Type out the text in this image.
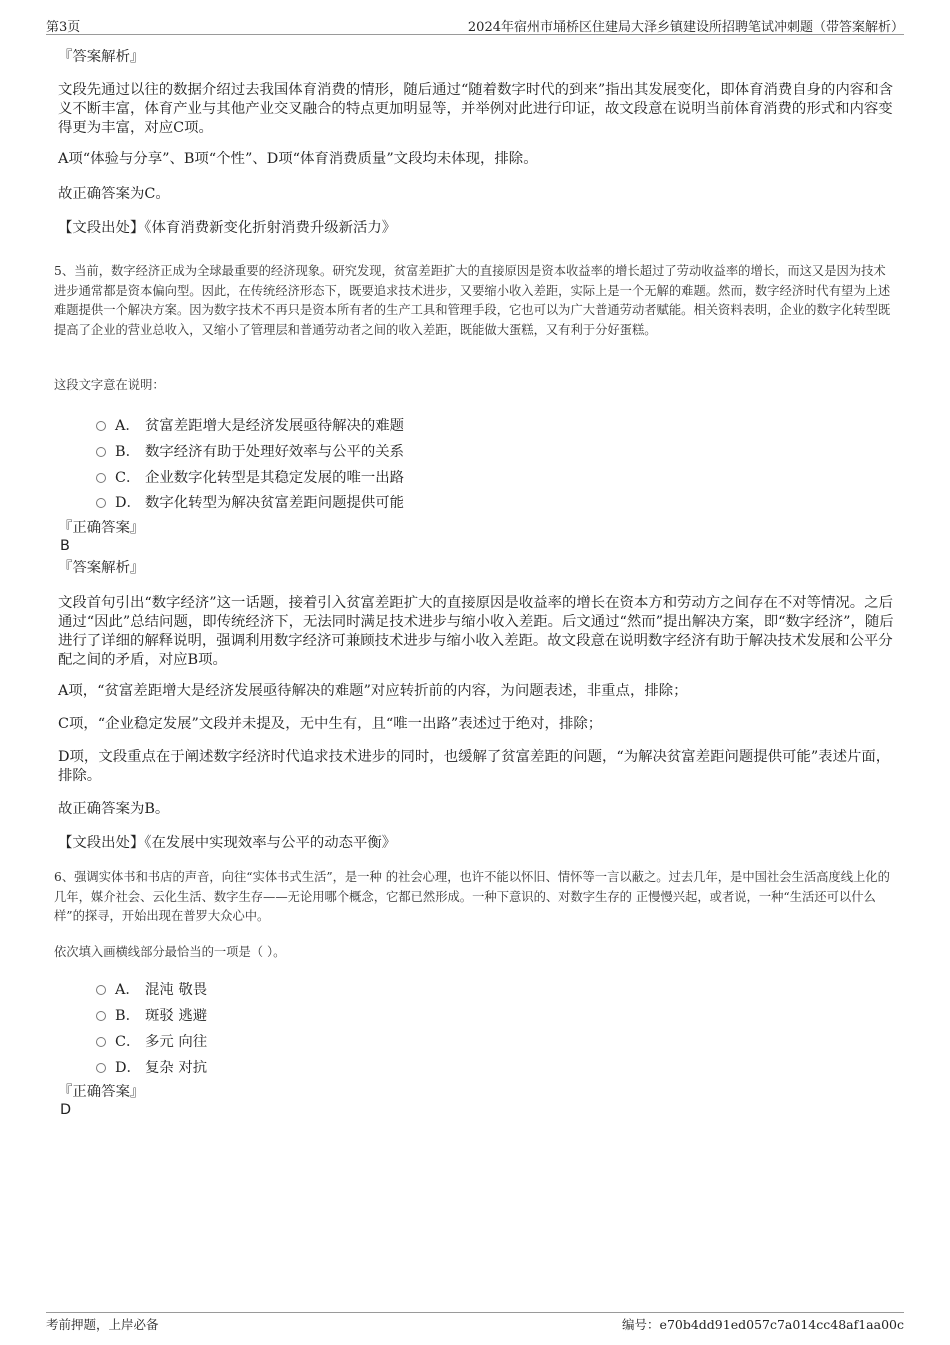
第3页	2024年宿州市埇桥区住建局大泽乡镇建设所招聘笔试冲刺题（带答案解析）
『答案解析』
文段先通过以往的数据介绍过去我国体育消费的情形，随后通过“随着数字时代的到来”指出其发展变化，即体育消费自身的内容和含义不断丰富，体育产业与其他产业交叉融合的特点更加明显等，并举例对此进行印证，故文段意在说明当前体育消费的形式和内容变得更为丰富，对应C项。
A项“体验与分享”、B项“个性”、D项“体育消费质量”文段均未体现，排除。
故正确答案为C。
【文段出处】《体育消费新变化折射消费升级新活力》
5、当前，数字经济正成为全球最重要的经济现象。研究发现，贫富差距扩大的直接原因是资本收益率的增长超过了劳动收益率的增长，而这又是因为技术进步通常都是资本偏向型。因此，在传统经济形态下，既要追求技术进步，又要缩小收入差距，实际上是一个无解的难题。然而，数字经济时代有望为上述难题提供一个解决方案。因为数字技术不再只是资本所有者的生产工具和管理手段，它也可以为广大普通劳动者赋能。相关资料表明，企业的数字化转型既提高了企业的营业总收入，又缩小了管理层和普通劳动者之间的收入差距，既能做大蛋糕，又有利于分好蛋糕。
这段文字意在说明：
A． 贫富差距增大是经济发展亟待解决的难题
B． 数字经济有助于处理好效率与公平的关系
C． 企业数字化转型是其稳定发展的唯一出路
D． 数字化转型为解决贫富差距问题提供可能
『正确答案』
B
『答案解析』
文段首句引出“数字经济”这一话题，接着引入贫富差距扩大的直接原因是收益率的增长在资本方和劳动方之间存在不对等情况。之后通过“因此”总结问题，即传统经济下，无法同时满足技术进步与缩小收入差距。后文通过“然而”提出解决方案，即“数字经济”，随后进行了详细的解释说明，强调利用数字经济可兼顾技术进步与缩小收入差距。故文段意在说明数字经济有助于解决技术发展和公平分配之间的矛盾，对应B项。
A项，“贫富差距增大是经济发展亟待解决的难题”对应转折前的内容，为问题表述，非重点，排除；
C项，“企业稳定发展”文段并未提及，无中生有，且“唯一出路”表述过于绝对，排除；
D项，文段重点在于阐述数字经济时代追求技术进步的同时，也缓解了贫富差距的问题，“为解决贫富差距问题提供可能”表述片面，排除。
故正确答案为B。
【文段出处】《在发展中实现效率与公平的动态平衡》
6、强调实体书和书店的声音，向往“实体书式生活”，是一种 的社会心理，也许不能以怀旧、情怀等一言以蔽之。过去几年，是中国社会生活高度线上化的几年，媒介社会、云化生活、数字生存——无论用哪个概念，它都已然形成。一种下意识的、对数字生存的 正慢慢兴起，或者说，一种“生活还可以什么样”的探寻，开始出现在普罗大众心中。
依次填入画横线部分最恰当的一项是（ ）。
A． 混沌 敬畏
B． 斑驳 逃避
C． 多元 向往
D． 复杂 对抗
『正确答案』
D
考前押题，上岸必备	编号：e70b4dd91ed057c7a014cc48af1aa00c
